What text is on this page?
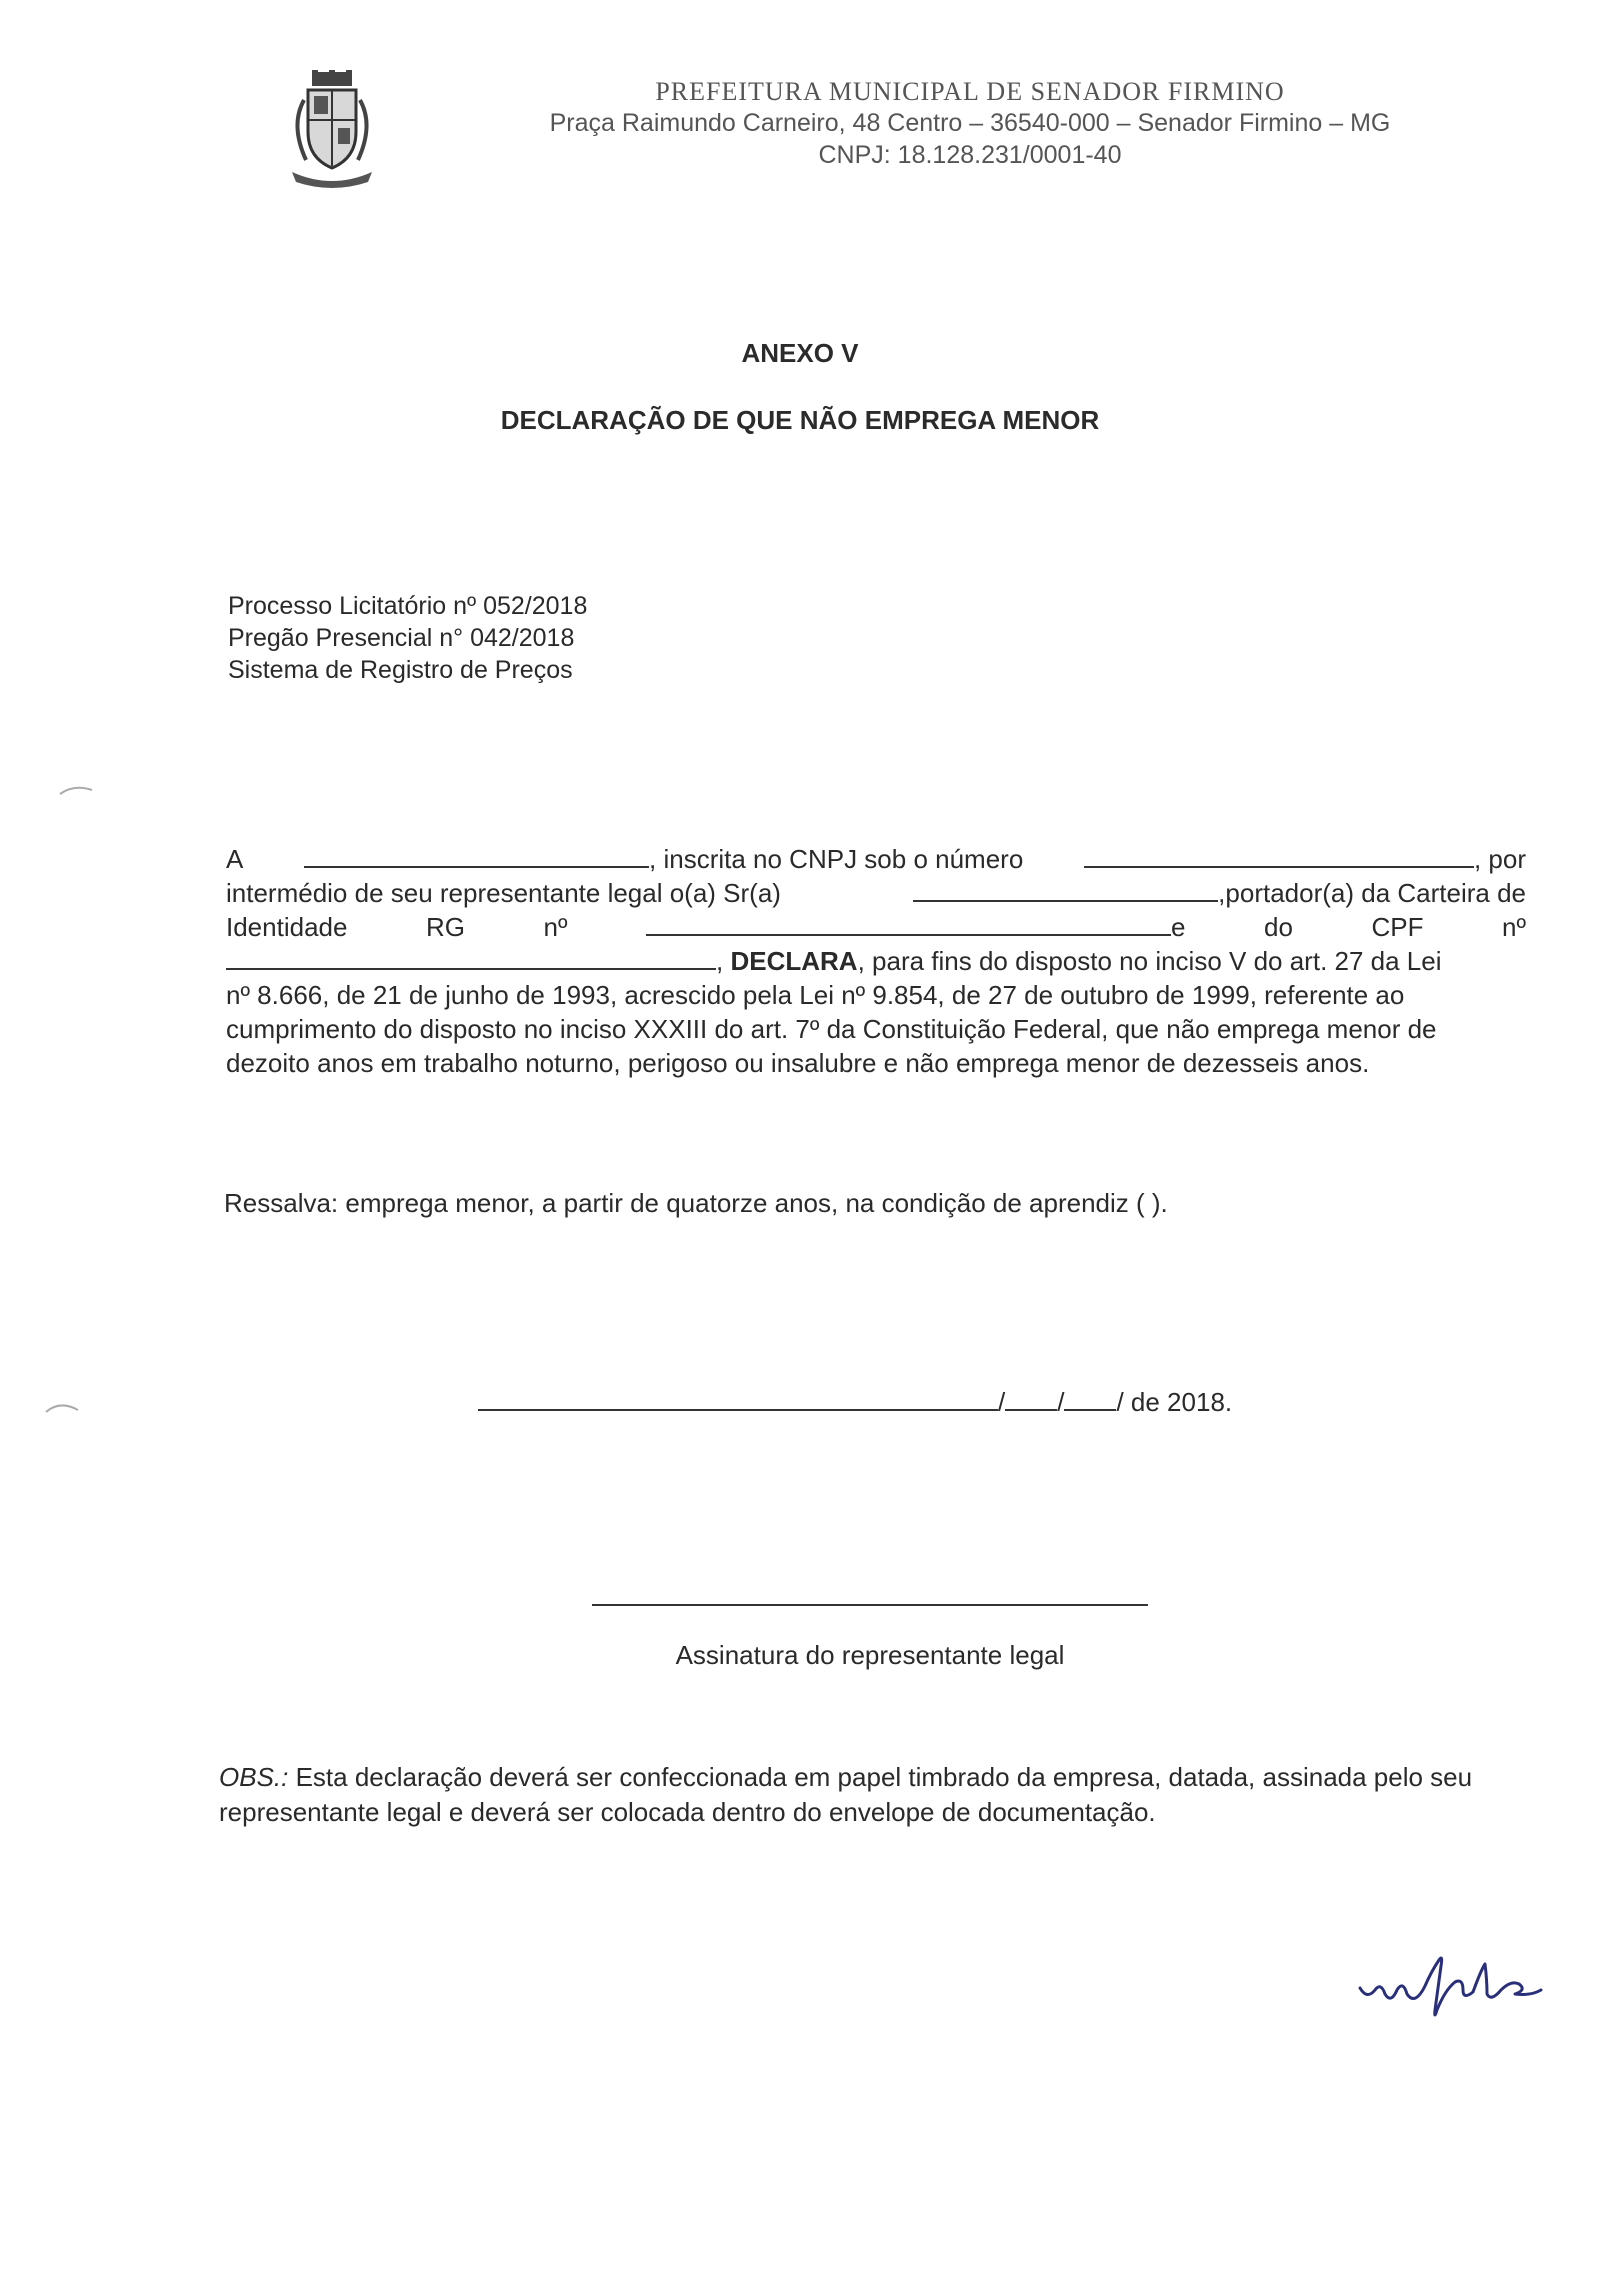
PREFEITURA MUNICIPAL DE SENADOR FIRMINO
Praça Raimundo Carneiro, 48 Centro – 36540-000 – Senador Firmino – MG
CNPJ: 18.128.231/0001-40
ANEXO V
DECLARAÇÃO DE QUE NÃO EMPREGA MENOR
Processo Licitatório nº 052/2018
Pregão Presencial n° 042/2018
Sistema de Registro de Preços
A	, inscrita no CNPJ sob o número	, por
intermédio de seu representante legal o(a) Sr(a)	,portador(a) da Carteira de
Identidade	RG	nº	e	do	CPF	nº
, DECLARA, para fins do disposto no inciso V do art. 27 da Lei
nº 8.666, de 21 de junho de 1993, acrescido pela Lei nº 9.854, de 27 de outubro de 1999, referente ao
cumprimento do disposto no inciso XXXIII do art. 7º da Constituição Federal, que não emprega menor de
dezoito anos em trabalho noturno, perigoso ou insalubre e não emprega menor de dezesseis anos.
Ressalva: emprega menor, a partir de quatorze anos, na condição de aprendiz ( ).
/ / / de 2018.
Assinatura do representante legal
OBS.: Esta declaração deverá ser confeccionada em papel timbrado da empresa, datada, assinada pelo seu representante legal e deverá ser colocada dentro do envelope de documentação.
